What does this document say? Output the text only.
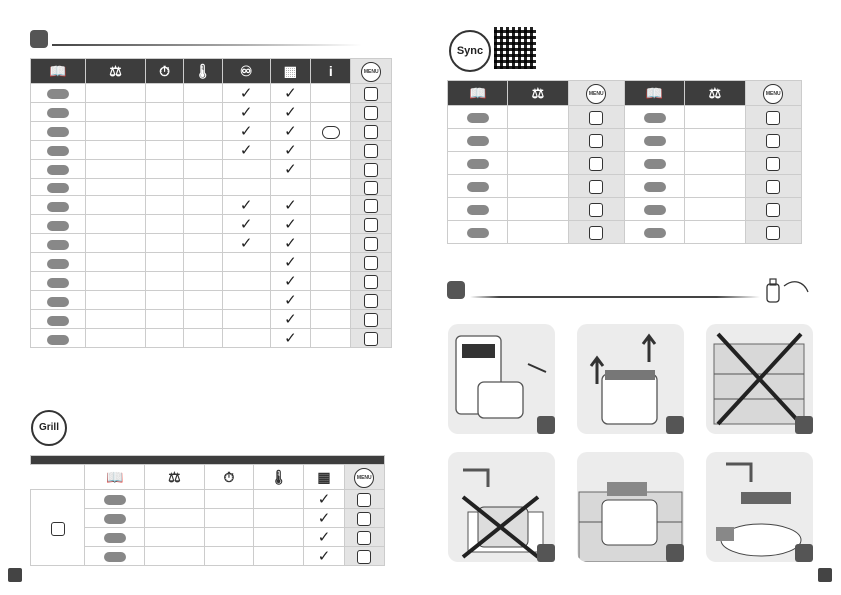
📖	⚖	⏱	🌡	♾	▦	i	MENU
				✓	✓		
				✓	✓		
				✓	✓		
				✓	✓		
					✓		

				✓	✓		
				✓	✓		
				✓	✓		
					✓		
					✓		
					✓		
					✓		
					✓		
Grill

	📖	⚖	⏱	🌡	▦	MENU
					✓	
					✓	
					✓	
					✓	
Sync
📖	⚖	MENU	📖	⚖	MENU
